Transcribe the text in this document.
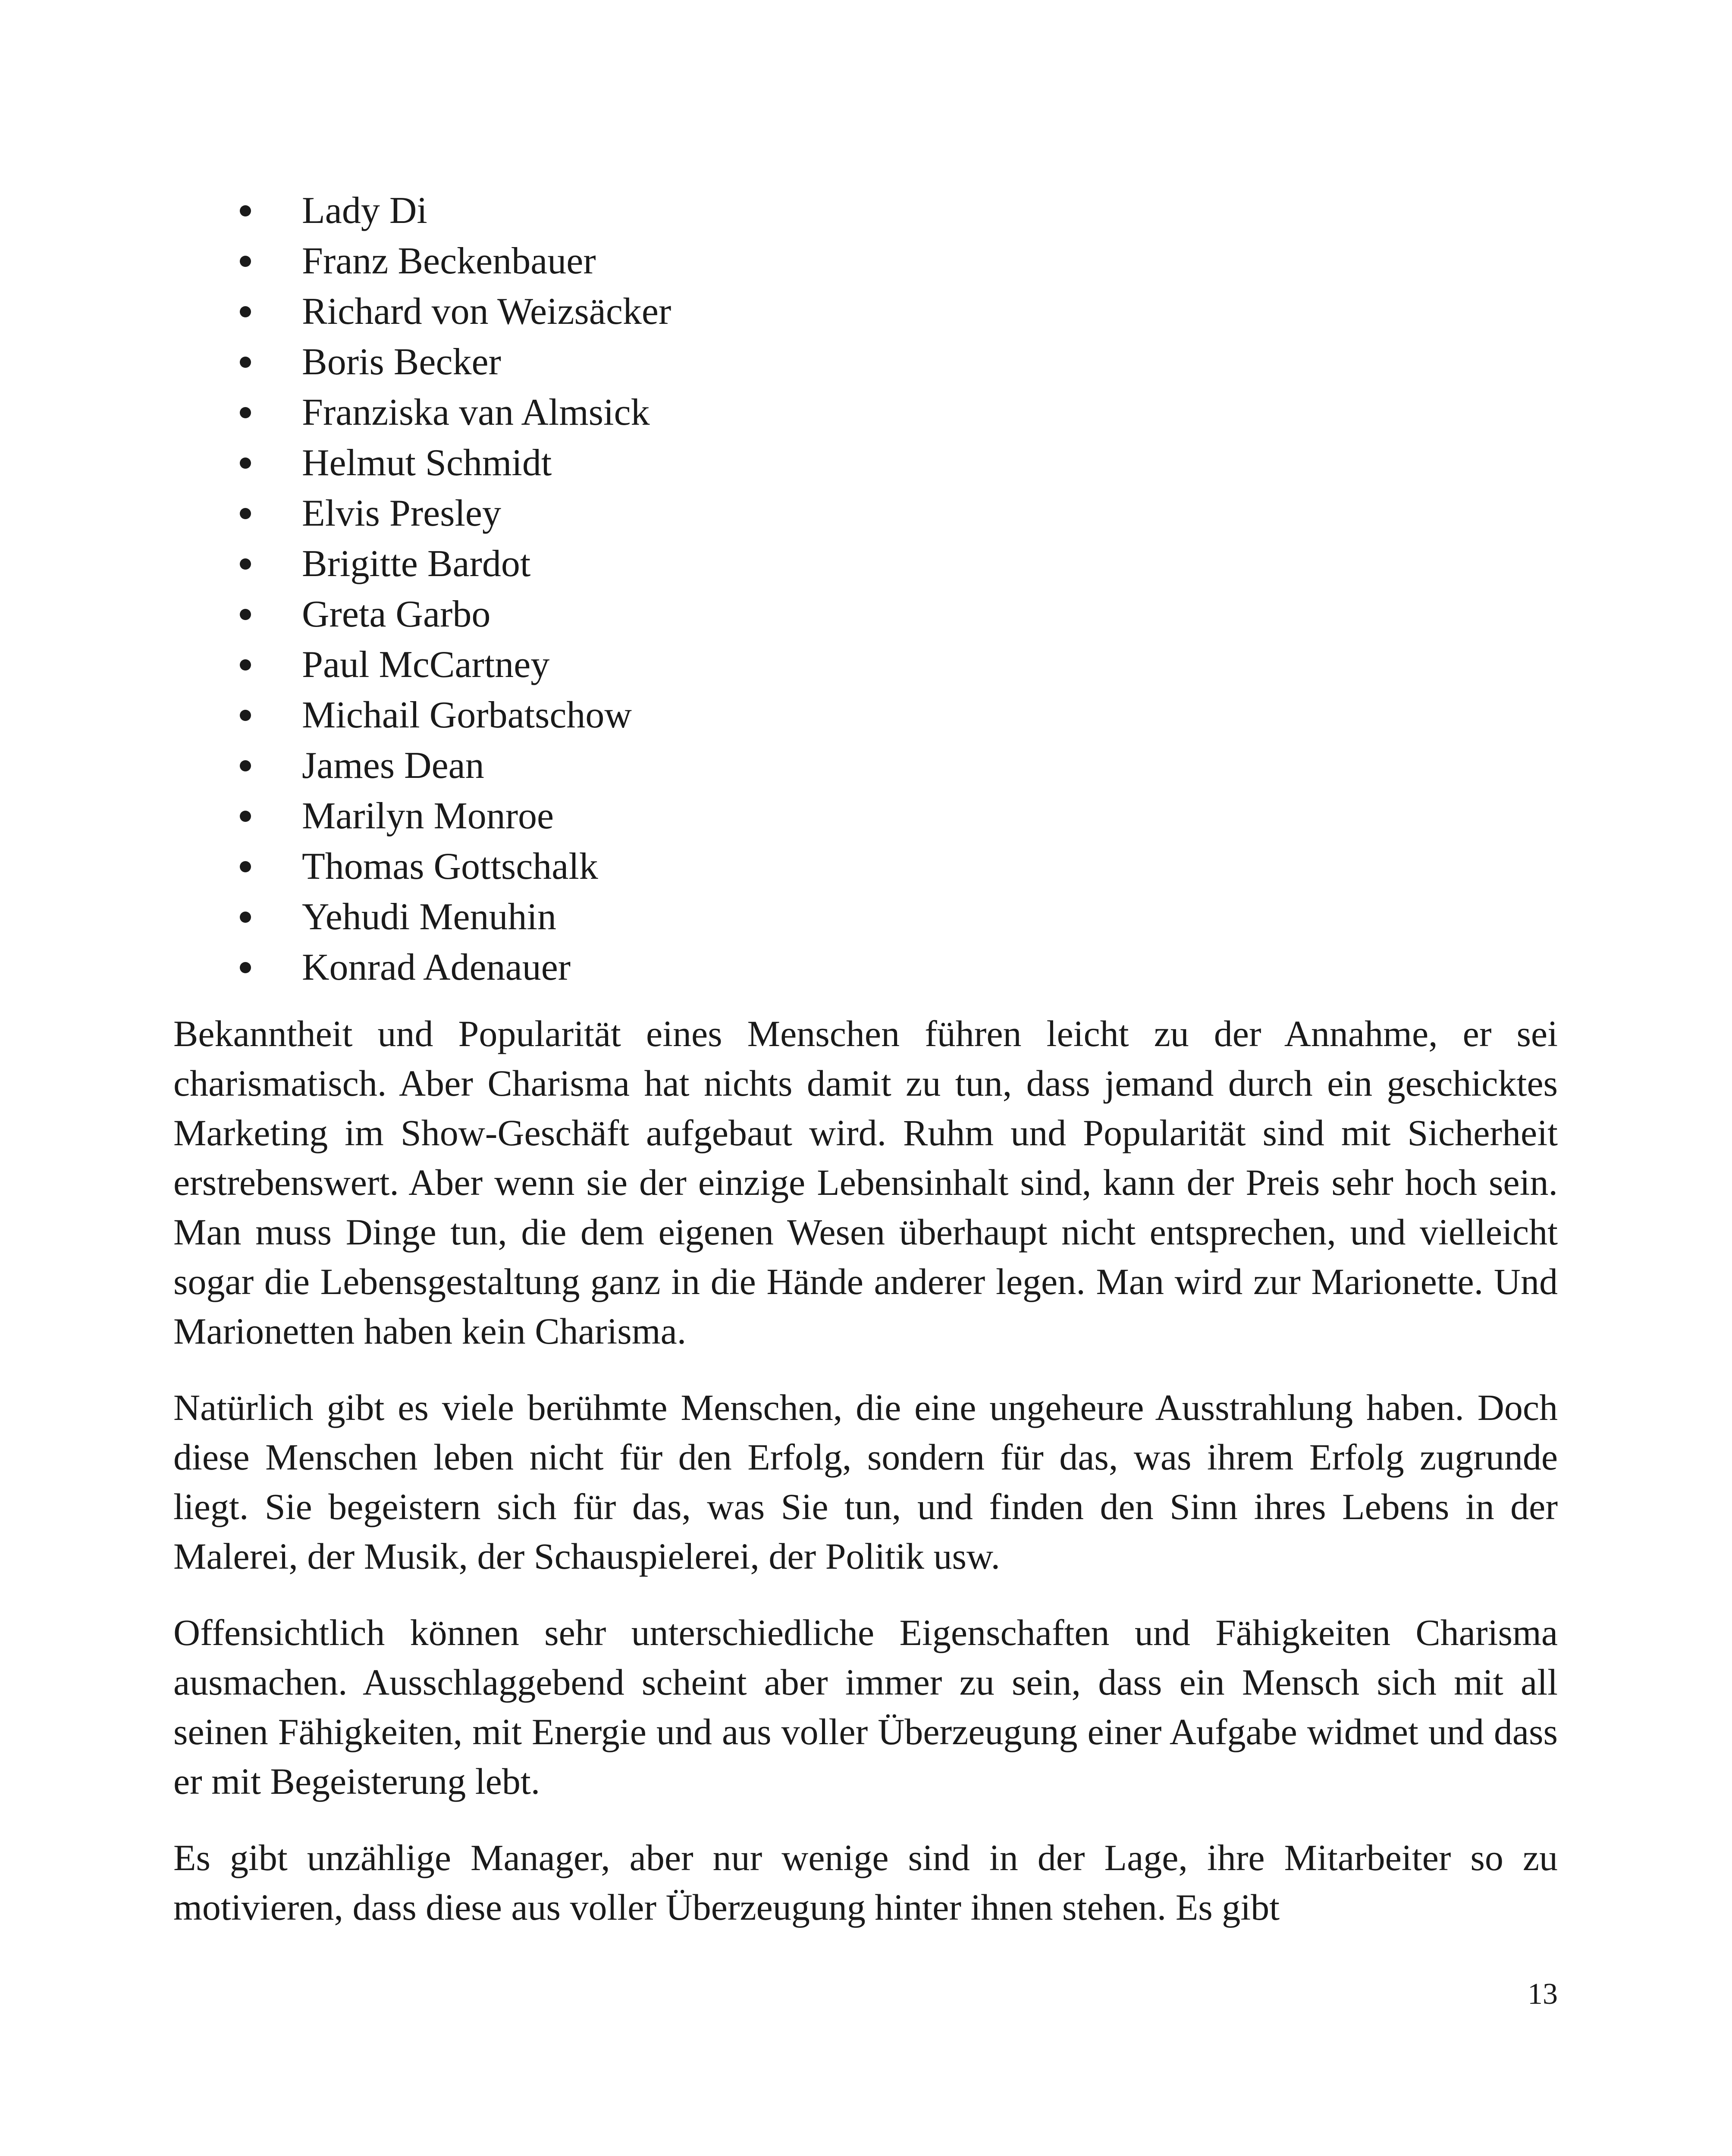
Lady Di
Franz Beckenbauer
Richard von Weizsäcker
Boris Becker
Franziska van Almsick
Helmut Schmidt
Elvis Presley
Brigitte Bardot
Greta Garbo
Paul McCartney
Michail Gorbatschow
James Dean
Marilyn Monroe
Thomas Gottschalk
Yehudi Menuhin
Konrad Adenauer

Bekanntheit und Popularität eines Menschen führen leicht zu der Annahme, er sei charismatisch. Aber Charisma hat nichts damit zu tun, dass jemand durch ein geschicktes Marketing im Show-Geschäft aufgebaut wird. Ruhm und Popularität sind mit Sicherheit erstrebenswert. Aber wenn sie der einzige Lebensinhalt sind, kann der Preis sehr hoch sein. Man muss Dinge tun, die dem eigenen Wesen überhaupt nicht entsprechen, und vielleicht sogar die Lebensgestaltung ganz in die Hände anderer legen. Man wird zur Marionette. Und Marionetten haben kein Charisma.

Natürlich gibt es viele berühmte Menschen, die eine ungeheure Ausstrahlung haben. Doch diese Menschen leben nicht für den Erfolg, sondern für das, was ihrem Erfolg zugrunde liegt. Sie begeistern sich für das, was Sie tun, und finden den Sinn ihres Lebens in der Malerei, der Musik, der Schauspielerei, der Politik usw.

Offensichtlich können sehr unterschiedliche Eigenschaften und Fähigkeiten Charisma ausmachen. Ausschlaggebend scheint aber immer zu sein, dass ein Mensch sich mit all seinen Fähigkeiten, mit Energie und aus voller Überzeugung einer Aufgabe widmet und dass er mit Begeisterung lebt.

Es gibt unzählige Manager, aber nur wenige sind in der Lage, ihre Mitarbeiter so zu motivieren, dass diese aus voller Überzeugung hinter ihnen stehen. Es gibt

13
